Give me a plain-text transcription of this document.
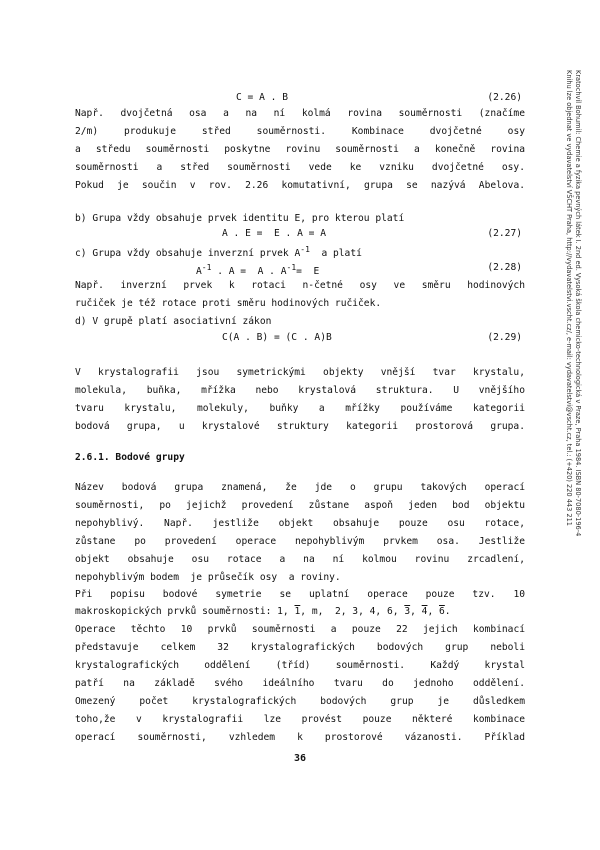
C = A . B	(2.26)
Např. dvojčetná osa a na ní kolmá rovina souměrnosti (značíme
2/m) produkuje střed souměrnosti. Kombinace dvojčetné osy
a středu souměrnosti poskytne rovinu souměrnosti a konečně rovina
souměrnosti a střed souměrnosti vede ke vzniku dvojčetné osy.
Pokud je součin v rov. 2.26 komutativní, grupa se nazývá Abelova.
b) Grupa vždy obsahuje prvek identitu E, pro kterou platí
A . E =  E . A = A	(2.27)
c) Grupa vždy obsahuje inverzní prvek $A^{-1}$  a platí
$A^{-1}$ . A =  A . $A^{-1}= E$	(2.28)
Např. inverzní prvek k rotaci n-četné osy ve směru hodinových
ručiček je též rotace proti směru hodinových ručiček.
d) V grupě platí asociativní zákon
C(A . B) = (C . A)B	(2.29)
V krystalografii jsou symetrickými objekty vnější tvar krystalu,
molekula, buňka, mřížka nebo krystalová struktura. U vnějšího
tvaru krystalu, molekuly, buňky a mřížky používáme kategorii
bodová grupa, u krystalové struktury kategorii prostorová grupa.
2.6.1. Bodové grupy
Název bodová grupa znamená, že jde o grupu takových operací
souměrnosti, po jejichž provedení zůstane aspoň jeden bod objektu
nepohyblivý. Např. jestliže objekt obsahuje pouze osu rotace,
zůstane po provedení operace nepohyblivým prvkem osa. Jestliže
objekt obsahuje osu rotace a na ní kolmou rovinu zrcadlení,
nepohyblivým bodem  je průsečík osy  a roviny.
Při popisu bodové symetrie se uplatní operace pouze tzv. 10
makroskopických prvků souměrnosti: 1, 1, m,  2, 3, 4, 6, 3, 4, 6.
Operace těchto 10 prvků souměrnosti a pouze 22 jejich kombinací
představuje celkem 32 krystalografických bodových grup neboli
krystalografických oddělení (tříd) souměrnosti. Každý krystal
patří na základě svého ideálního tvaru do jednoho oddělení.
Omezený počet krystalografických bodových grup je důsledkem
toho,že v krystalografii lze provést pouze některé kombinace
operací souměrnosti, vzhledem k prostorové vázanosti. Příklad
36
Kratochvíl Bohumil: Chemie a fyzika pevných látek I. 2nd ed. Vysoká škola chemicko-technologická v Praze, Praha 1984. ISBN 80-7080-196-4
Knihu lze objednat ve vydavatelství VŠCHT Praha, http://vydavatelstvi.vscht.cz/, e-mail: vydavatelstvi@vscht.cz, tel.: (+420) 220 443 211
